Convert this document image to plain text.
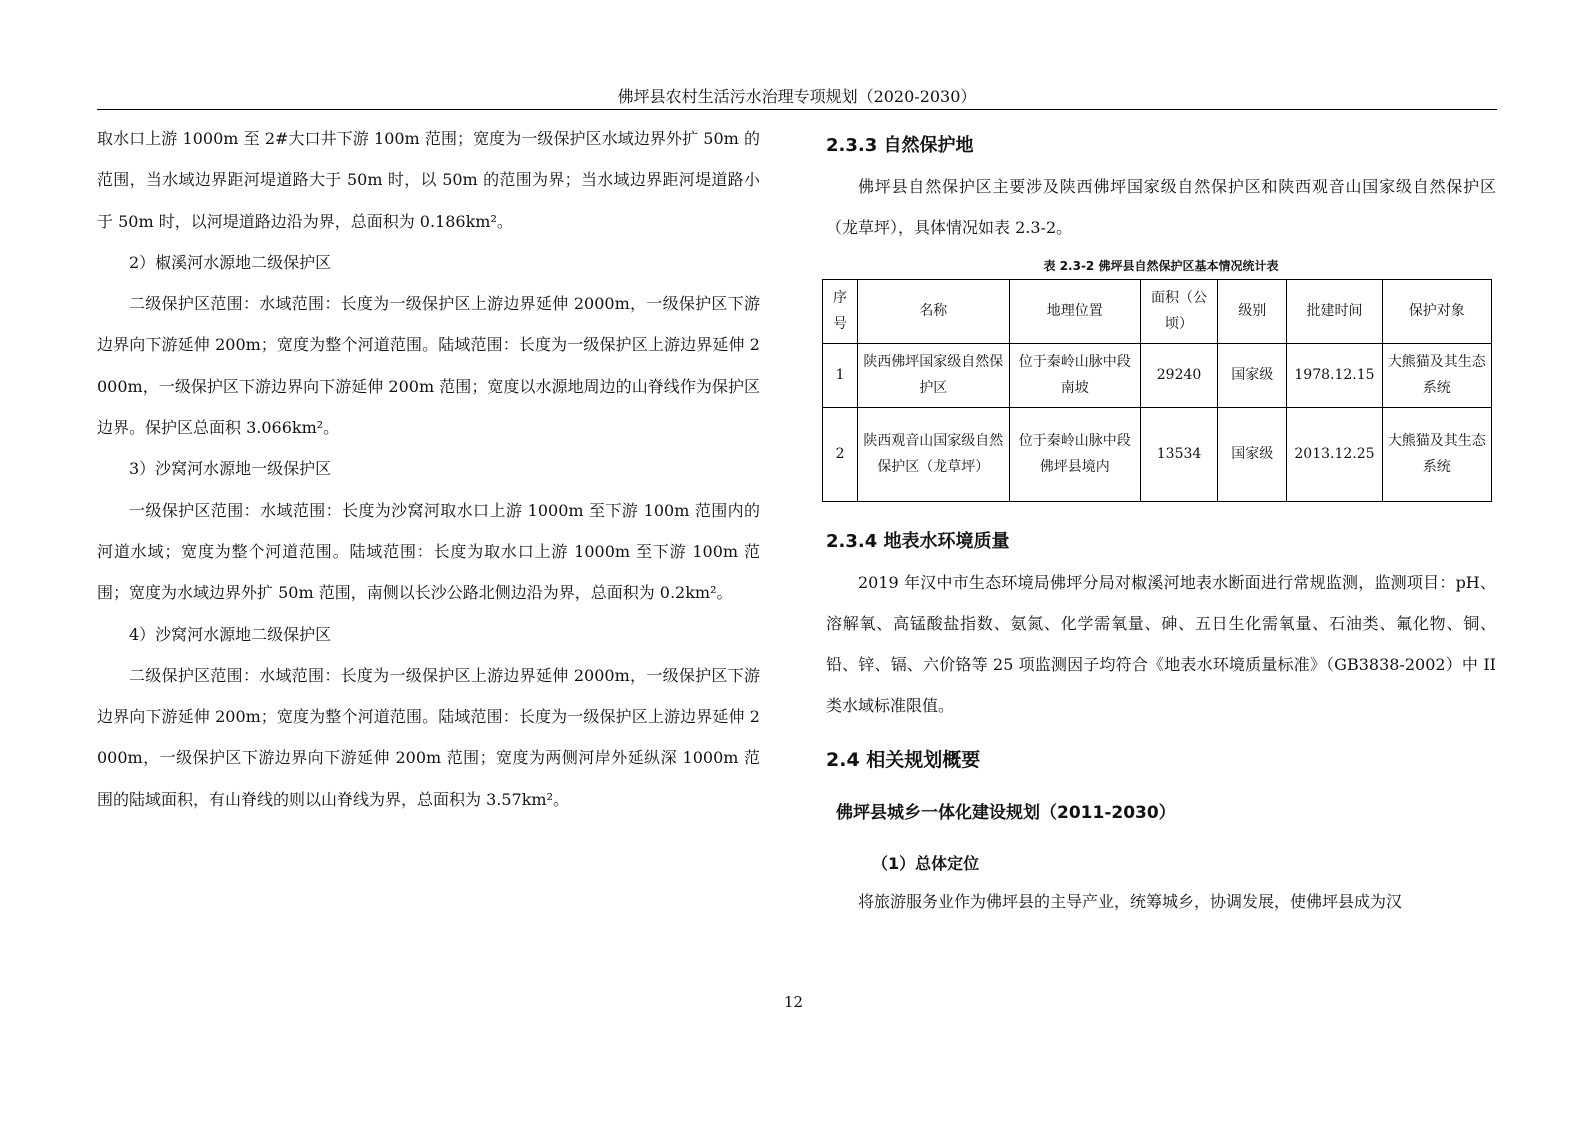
佛坪县农村生活污水治理专项规划（2020-2030）

取水口上游 1000m 至 2#大口井下游 100m 范围；宽度为一级保护区水域边界外扩 50m 的范围，当水域边界距河堤道路大于 50m 时，以 50m 的范围为界；当水域边界距河堤道路小于 50m 时，以河堤道路边沿为界，总面积为 0.186km²。

2）椒溪河水源地二级保护区

二级保护区范围：水域范围：长度为一级保护区上游边界延伸 2000m，一级保护区下游边界向下游延伸 200m；宽度为整个河道范围。陆域范围：长度为一级保护区上游边界延伸 2000m，一级保护区下游边界向下游延伸 200m 范围；宽度以水源地周边的山脊线作为保护区边界。保护区总面积 3.066km²。

3）沙窝河水源地一级保护区

一级保护区范围：水域范围：长度为沙窝河取水口上游 1000m 至下游 100m 范围内的河道水域；宽度为整个河道范围。陆域范围：长度为取水口上游 1000m 至下游 100m 范围；宽度为水域边界外扩 50m 范围，南侧以长沙公路北侧边沿为界，总面积为 0.2km²。

4）沙窝河水源地二级保护区

二级保护区范围：水域范围：长度为一级保护区上游边界延伸 2000m，一级保护区下游边界向下游延伸 200m；宽度为整个河道范围。陆域范围：长度为一级保护区上游边界延伸 2000m，一级保护区下游边界向下游延伸 200m 范围；宽度为两侧河岸外延纵深 1000m 范围的陆域面积，有山脊线的则以山脊线为界，总面积为 3.57km²。

2.3.3 自然保护地

佛坪县自然保护区主要涉及陕西佛坪国家级自然保护区和陕西观音山国家级自然保护区（龙草坪），具体情况如表 2.3-2。

表 2.3-2 佛坪县自然保护区基本情况统计表
序号	名称	地理位置	面积（公顷）	级别	批建时间	保护对象
1	陕西佛坪国家级自然保护区	位于秦岭山脉中段南坡	29240	国家级	1978.12.15	大熊猫及其生态系统
2	陕西观音山国家级自然保护区（龙草坪）	位于秦岭山脉中段佛坪县境内	13534	国家级	2013.12.25	大熊猫及其生态系统
2.3.4 地表水环境质量

2019 年汉中市生态环境局佛坪分局对椒溪河地表水断面进行常规监测，监测项目：pH、溶解氧、高锰酸盐指数、氨氮、化学需氧量、砷、五日生化需氧量、石油类、氟化物、铜、铅、锌、镉、六价铬等 25 项监测因子均符合《地表水环境质量标准》（GB3838-2002）中 II 类水域标准限值。

2.4 相关规划概要
佛坪县城乡一体化建设规划（2011-2030）
（1）总体定位

将旅游服务业作为佛坪县的主导产业，统筹城乡，协调发展，使佛坪县成为汉

12
